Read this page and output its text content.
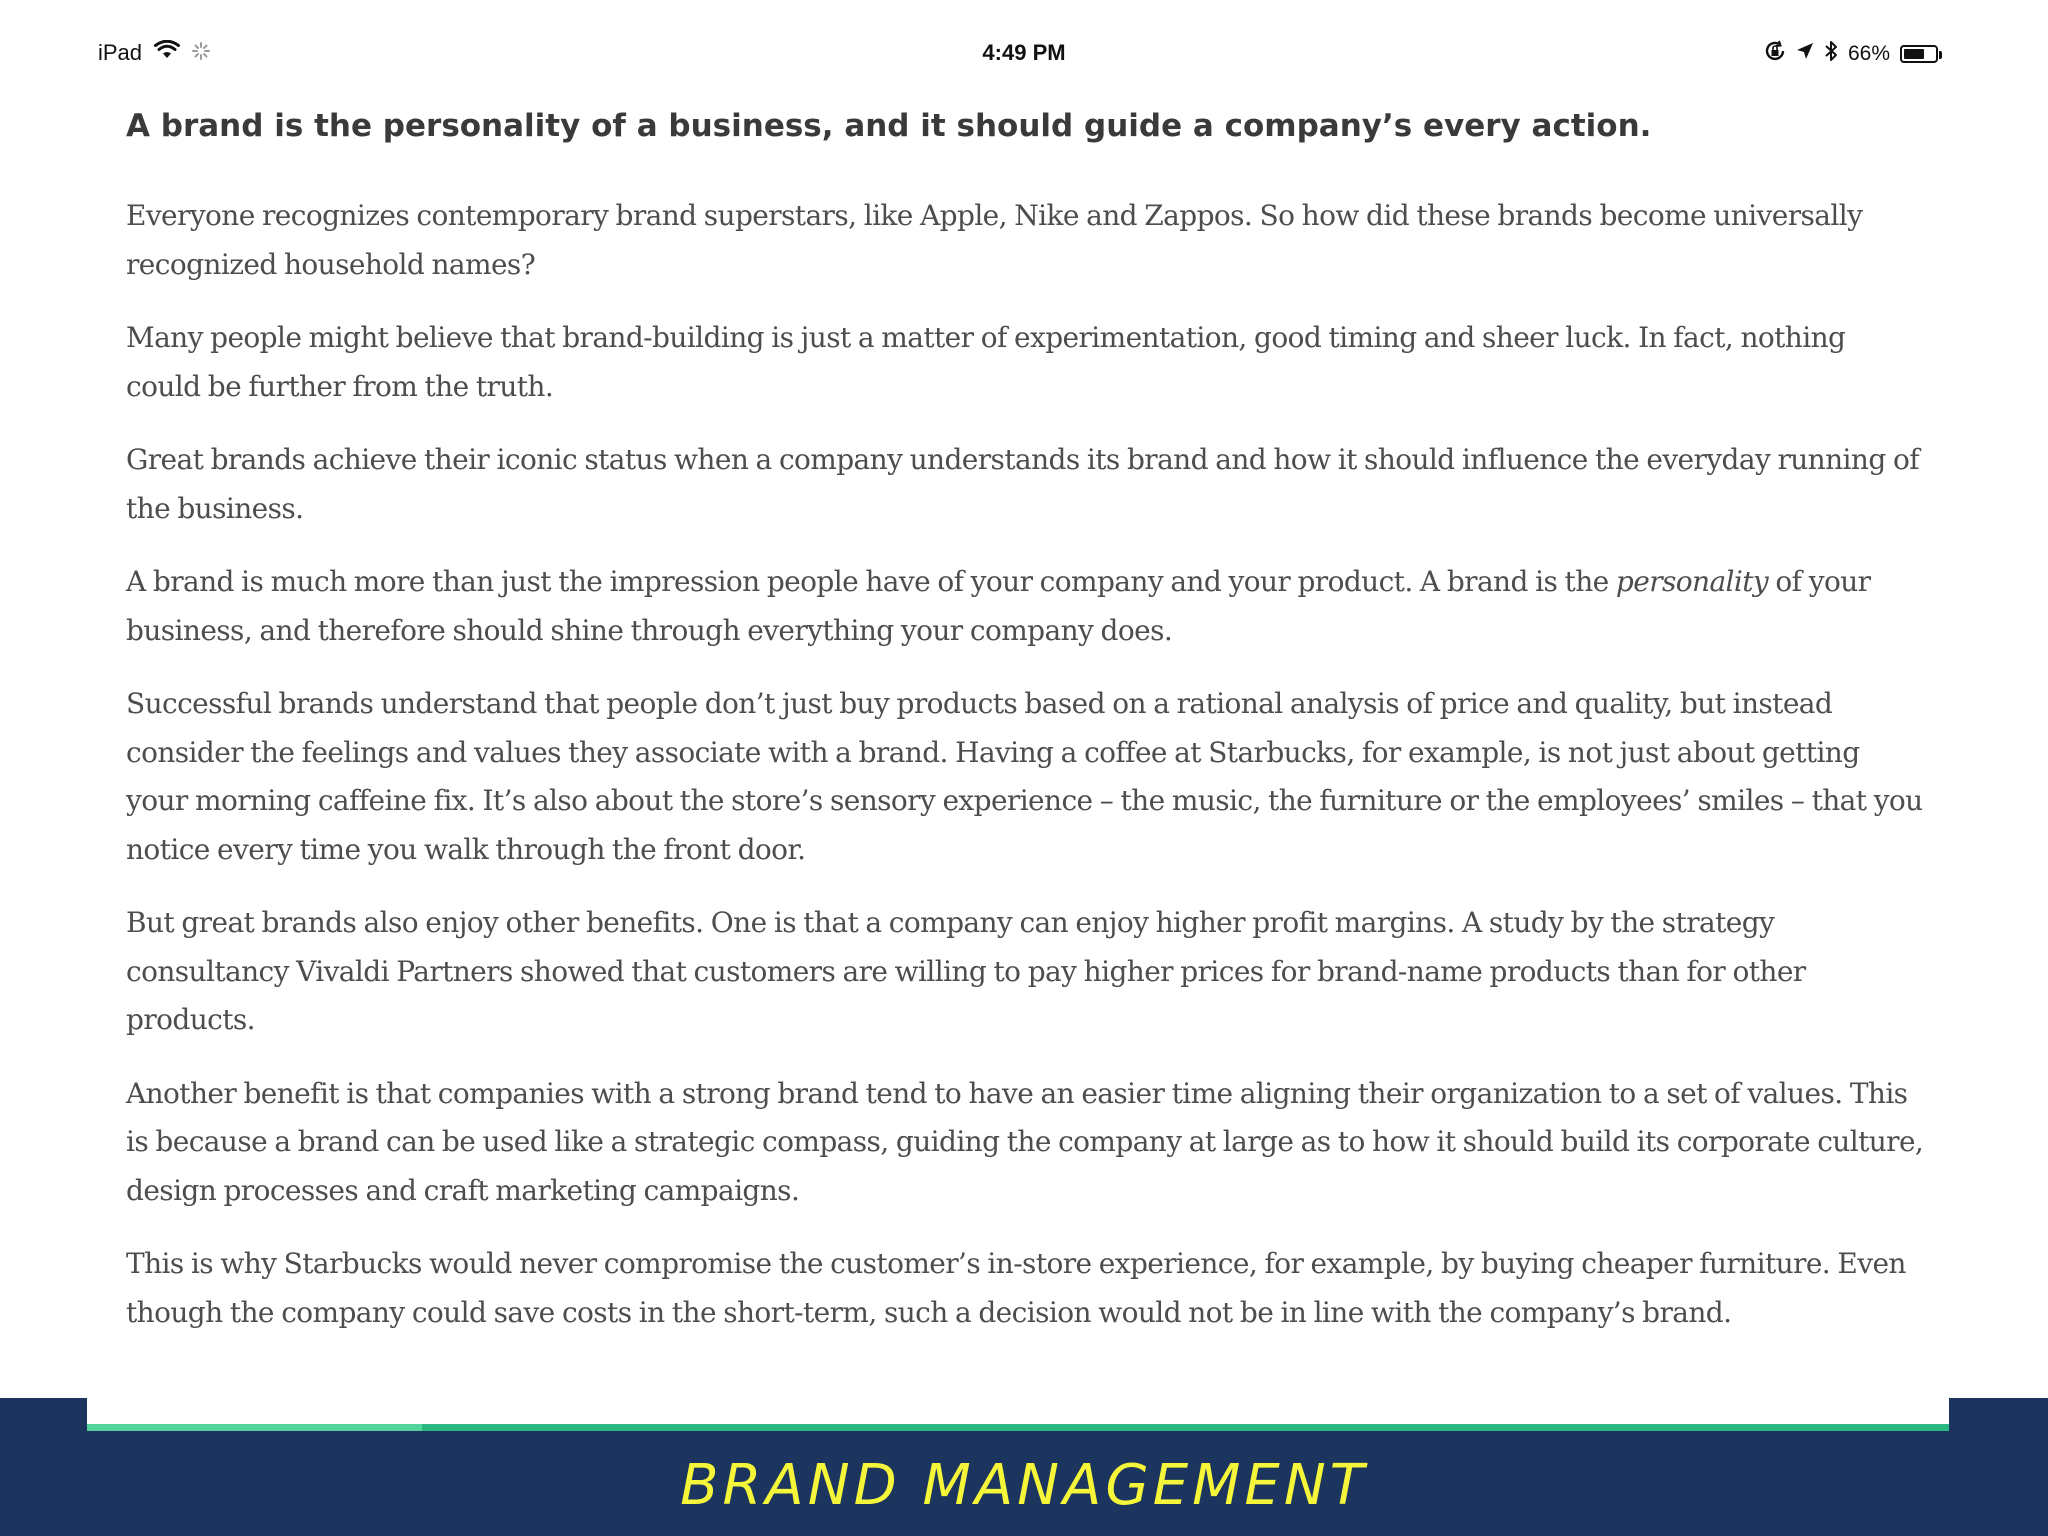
iPad	4:49 PM	66%
A brand is the personality of a business, and it should guide a company’s every action.

Everyone recognizes contemporary brand superstars, like Apple, Nike and Zappos. So how did these brands become universally recognized household names?

Many people might believe that brand-building is just a matter of experimentation, good timing and sheer luck. In fact, nothing could be further from the truth.

Great brands achieve their iconic status when a company understands its brand and how it should influence the everyday running of the business.

A brand is much more than just the impression people have of your company and your product. A brand is the personality of your business, and therefore should shine through everything your company does.

Successful brands understand that people don’t just buy products based on a rational analysis of price and quality, but instead consider the feelings and values they associate with a brand. Having a coffee at Starbucks, for example, is not just about getting your morning caffeine fix. It’s also about the store’s sensory experience – the music, the furniture or the employees’ smiles – that you notice every time you walk through the front door.

But great brands also enjoy other benefits. One is that a company can enjoy higher profit margins. A study by the strategy consultancy Vivaldi Partners showed that customers are willing to pay higher prices for brand-name products than for other products.

Another benefit is that companies with a strong brand tend to have an easier time aligning their organization to a set of values. This is because a brand can be used like a strategic compass, guiding the company at large as to how it should build its corporate culture, design processes and craft marketing campaigns.

This is why Starbucks would never compromise the customer’s in-store experience, for example, by buying cheaper furniture. Even though the company could save costs in the short-term, such a decision would not be in line with the company’s brand.

BRAND MANAGEMENT
